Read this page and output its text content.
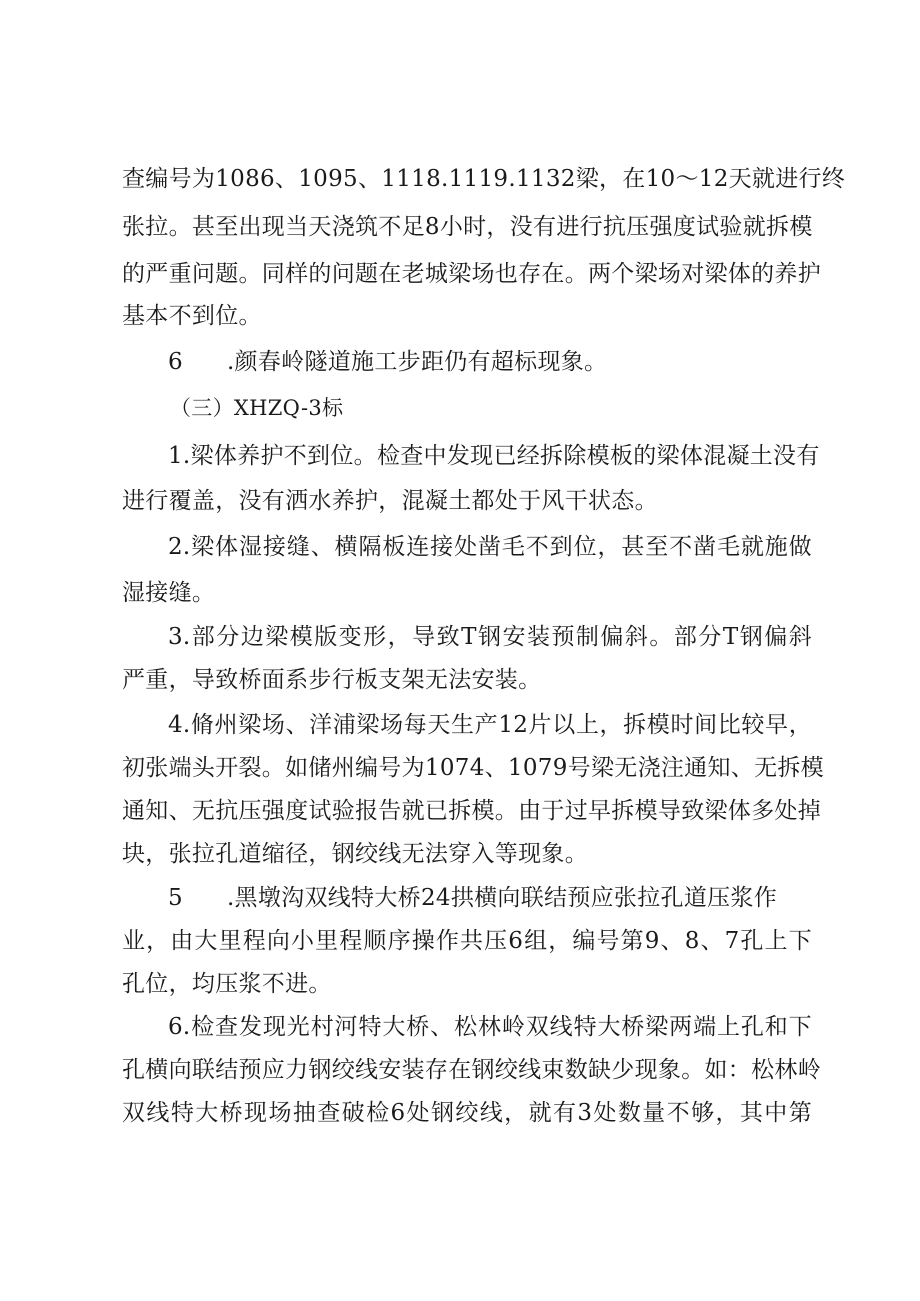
查编号为1086、1095、1118.1119.1132梁，在10～12天就进行终
张拉。甚至出现当天浇筑不足8小时，没有进行抗压强度试验就拆模
的严重问题。同样的问题在老城梁场也存在。两个梁场对梁体的养护
基本不到位。
6 .颜春岭隧道施工步距仍有超标现象。
（三）XHZQ-3标
1.梁体养护不到位。检查中发现已经拆除模板的梁体混凝土没有
进行覆盖，没有洒水养护，混凝土都处于风干状态。
2.梁体湿接缝、横隔板连接处凿毛不到位，甚至不凿毛就施做
湿接缝。
3.部分边梁模版变形，导致T钢安装预制偏斜。部分T钢偏斜
严重，导致桥面系步行板支架无法安装。
4.脩州梁场、洋浦梁场每天生产12片以上，拆模时间比较早，
初张端头开裂。如储州编号为1074、1079号梁无浇注通知、无拆模
通知、无抗压强度试验报告就已拆模。由于过早拆模导致梁体多处掉
块，张拉孔道缩径，钢绞线无法穿入等现象。
5 .黑墩沟双线特大桥24拱横向联结预应张拉孔道压浆作
业，由大里程向小里程顺序操作共压6组，编号第9、8、7孔上下
孔位，均压浆不进。
6.检查发现光村河特大桥、松林岭双线特大桥梁两端上孔和下
孔横向联结预应力钢绞线安装存在钢绞线束数缺少现象。如：松林岭
双线特大桥现场抽查破检6处钢绞线，就有3处数量不够，其中第
